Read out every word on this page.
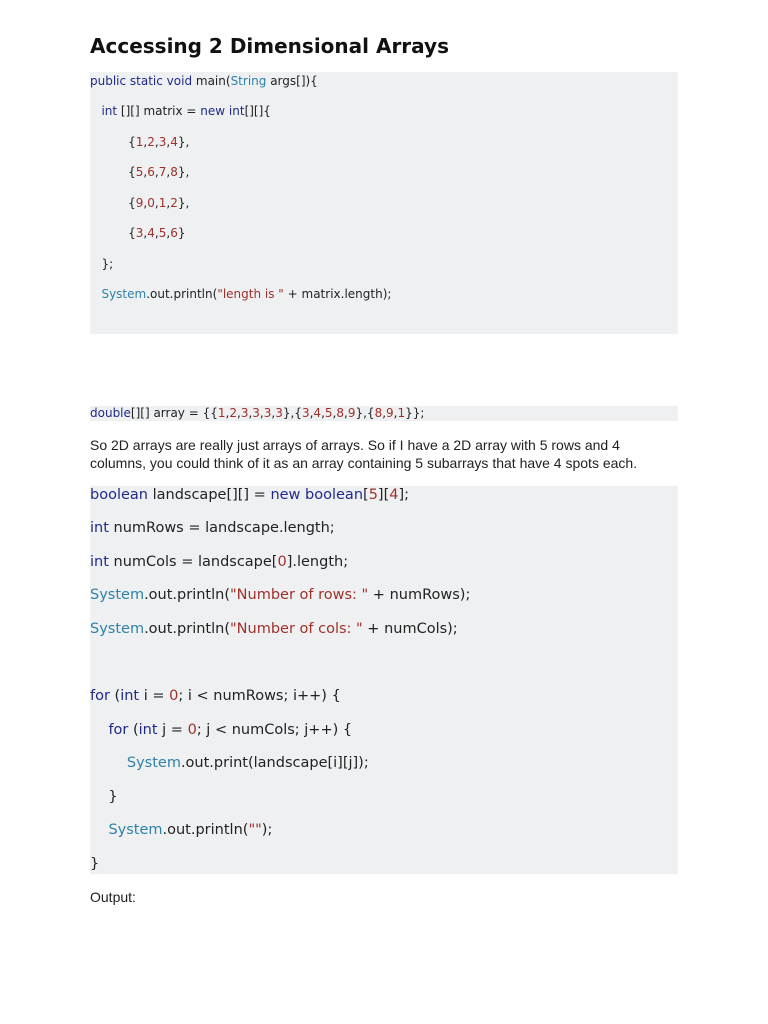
Accessing 2 Dimensional Arrays
public static void main(String args[]){
int [][] matrix = new int[][]{
{1,2,3,4},
{5,6,7,8},
{9,0,1,2},
{3,4,5,6}
};
System.out.println("length is " + matrix.length);
double[][] array = {{1,2,3,3,3,3},{3,4,5,8,9},{8,9,1}};

So 2D arrays are really just arrays of arrays. So if I have a 2D array with 5 rows and 4 columns, you could think of it as an array containing 5 subarrays that have 4 spots each.

boolean landscape[][] = new boolean[5][4];
int numRows = landscape.length;
int numCols = landscape[0].length;
System.out.println("Number of rows: " + numRows);
System.out.println("Number of cols: " + numCols);
for (int i = 0; i < numRows; i++) {
for (int j = 0; j < numCols; j++) {
System.out.print(landscape[i][j]);
}
System.out.println("");
}

Output:
